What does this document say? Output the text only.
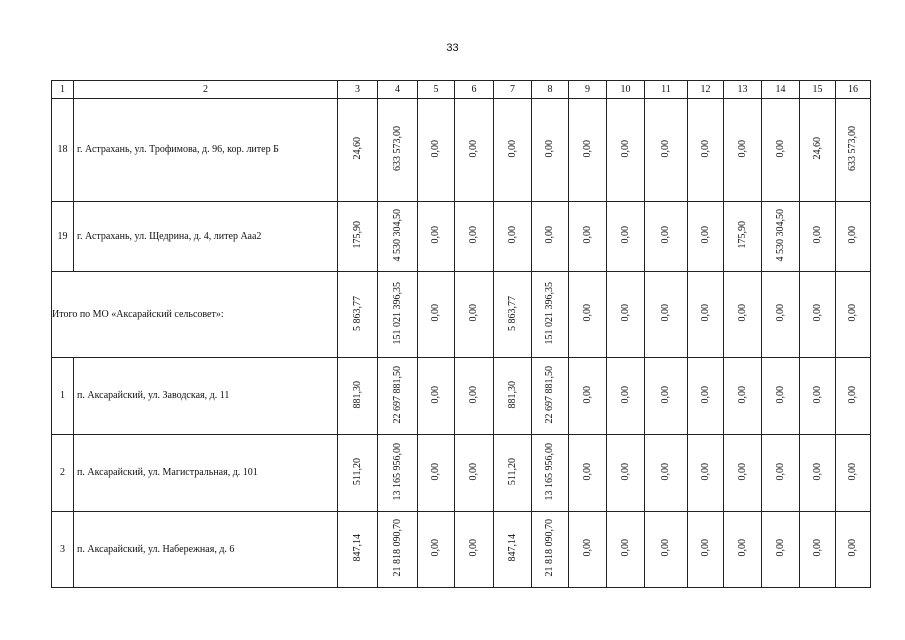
33
1	2	3	4	5	6	7	8	9	10	11	12	13	14	15	16
18	г. Астрахань, ул. Трофимова, д. 96, кор. литер Б	24,60	633 573,00	0,00	0,00	0,00	0,00	0,00	0,00	0,00	0,00	0,00	0,00	24,60	633 573,00
19	г. Астрахань, ул. Щедрина, д. 4, литер Ааа2	175,90	4 530 304,50	0,00	0,00	0,00	0,00	0,00	0,00	0,00	0,00	175,90	4 530 304,50	0,00	0,00
Итого по МО «Аксарайский сельсовет»:		5 863,77	151 021 396,35	0,00	0,00	5 863,77	151 021 396,35	0,00	0,00	0,00	0,00	0,00	0,00	0,00	0,00
1	п. Аксарайский, ул. Заводская, д. 11	881,30	22 697 881,50	0,00	0,00	881,30	22 697 881,50	0,00	0,00	0,00	0,00	0,00	0,00	0,00	0,00
2	п. Аксарайский, ул. Магистральная, д. 101	511,20	13 165 956,00	0,00	0,00	511,20	13 165 956,00	0,00	0,00	0,00	0,00	0,00	0,00	0,00	0,00
3	п. Аксарайский, ул. Набережная, д. 6	847,14	21 818 090,70	0,00	0,00	847,14	21 818 090,70	0,00	0,00	0,00	0,00	0,00	0,00	0,00	0,00
